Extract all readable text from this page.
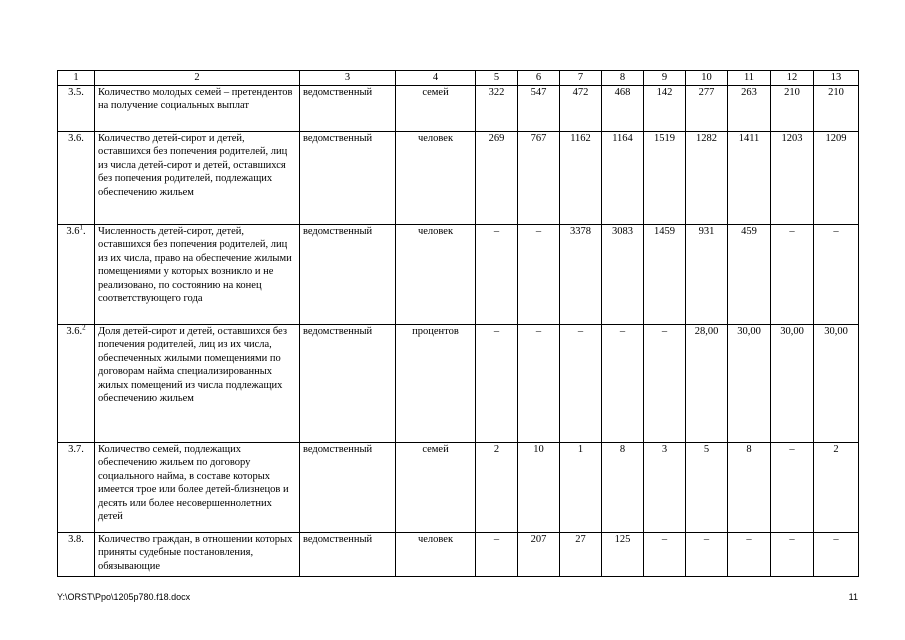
1	2	3	4	5	6	7	8	9	10	11	12	13
3.5.	Количество молодых семей – претендентов на получение социальных выплат	ведомственный	семей	322	547	472	468	142	277	263	210	210
3.6.	Количество детей-сирот и детей, оставшихся без попечения родителей, лиц из числа детей-сирот и детей, оставшихся без попечения родителей, подлежащих обеспечению жильем	ведомственный	человек	269	767	1162	1164	1519	1282	1411	1203	1209
$3.6^1$.	Численность детей-сирот, детей, оставшихся без попечения родителей, лиц из их числа, право на обеспечение жилыми помещениями у которых возникло и не реализовано, по состоянию на конец соответствующего года	ведомственный	человек	–	–	3378	3083	1459	931	459	–	–
3.6.$^2$	Доля детей-сирот и детей, оставшихся без попечения родителей, лиц из их числа, обеспеченных жилыми помещениями по договорам найма специализированных жилых помещений из числа подлежащих обеспечению жильем	ведомственный	процентов	–	–	–	–	–	28,00	30,00	30,00	30,00
3.7.	Количество семей, подлежащих обеспечению жильем по договору социального найма, в составе которых имеется трое или более детей-близнецов и десять или более несовершеннолетних детей	ведомственный	семей	2	10	1	8	3	5	8	–	2
3.8.	Количество граждан, в отношении которых приняты судебные постановления, обязывающие	ведомственный	человек	–	207	27	125	–	–	–	–	–
Y:\ORST\Ppo\1205p780.f18.docx	11
